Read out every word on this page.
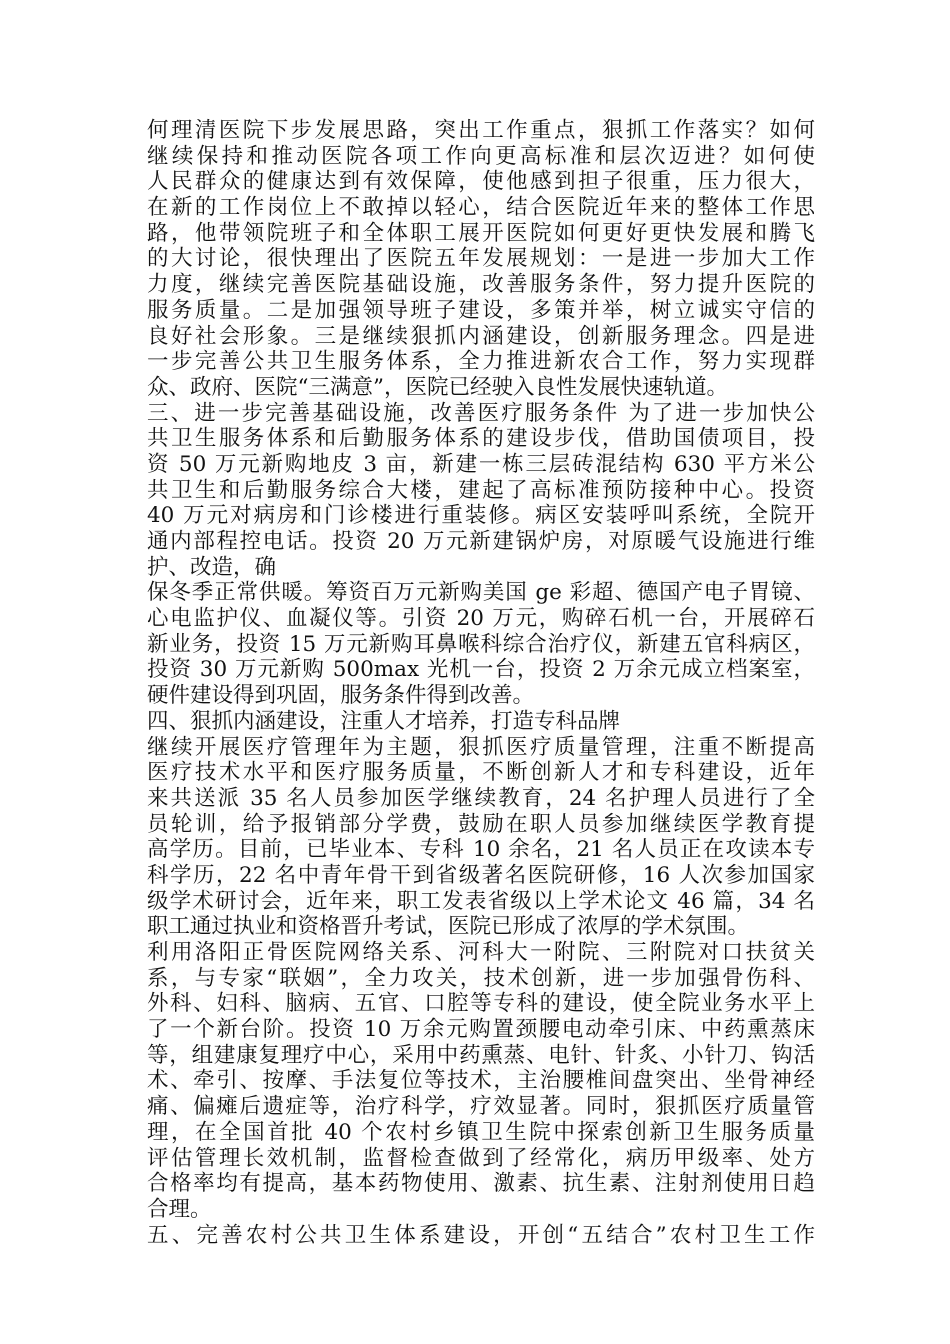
何理清医院下步发展思路，突出工作重点，狠抓工作落实？如何
继续保持和推动医院各项工作向更高标准和层次迈进？如何使
人民群众的健康达到有效保障，使他感到担子很重，压力很大，
在新的工作岗位上不敢掉以轻心，结合医院近年来的整体工作思
路，他带领院班子和全体职工展开医院如何更好更快发展和腾飞
的大讨论，很快理出了医院五年发展规划：一是进一步加大工作
力度，继续完善医院基础设施，改善服务条件，努力提升医院的
服务质量。二是加强领导班子建设，多策并举，树立诚实守信的
良好社会形象。三是继续狠抓内涵建设，创新服务理念。四是进
一步完善公共卫生服务体系，全力推进新农合工作，努力实现群
众、政府、医院“三满意”，医院已经驶入良性发展快速轨道。
三、进一步完善基础设施，改善医疗服务条件 为了进一步加快公
共卫生服务体系和后勤服务体系的建设步伐，借助国债项目，投
资 50 万元新购地皮 3 亩，新建一栋三层砖混结构 630 平方米公
共卫生和后勤服务综合大楼，建起了高标准预防接种中心。投资
40 万元对病房和门诊楼进行重装修。病区安装呼叫系统，全院开
通内部程控电话。投资 20 万元新建锅炉房，对原暖气设施进行维
护、改造，确
保冬季正常供暖。筹资百万元新购美国 ge 彩超、德国产电子胃镜、
心电监护仪、血凝仪等。引资 20 万元，购碎石机一台，开展碎石
新业务，投资 15 万元新购耳鼻喉科综合治疗仪，新建五官科病区，
投资 30 万元新购 500max 光机一台，投资 2 万余元成立档案室，
硬件建设得到巩固，服务条件得到改善。
四、狠抓内涵建设，注重人才培养，打造专科品牌
继续开展医疗管理年为主题，狠抓医疗质量管理，注重不断提高
医疗技术水平和医疗服务质量，不断创新人才和专科建设，近年
来共送派 35 名人员参加医学继续教育，24 名护理人员进行了全
员轮训，给予报销部分学费，鼓励在职人员参加继续医学教育提
高学历。目前，已毕业本、专科 10 余名，21 名人员正在攻读本专
科学历，22 名中青年骨干到省级著名医院研修，16 人次参加国家
级学术研讨会，近年来，职工发表省级以上学术论文 46 篇，34 名
职工通过执业和资格晋升考试，医院已形成了浓厚的学术氛围。
利用洛阳正骨医院网络关系、河科大一附院、三附院对口扶贫关
系，与专家“联姻”，全力攻关，技术创新，进一步加强骨伤科、
外科、妇科、脑病、五官、口腔等专科的建设，使全院业务水平上
了一个新台阶。投资 10 万余元购置颈腰电动牵引床、中药熏蒸床
等，组建康复理疗中心，采用中药熏蒸、电针、针炙、小针刀、钩活
术、牵引、按摩、手法复位等技术，主治腰椎间盘突出、坐骨神经
痛、偏瘫后遗症等，治疗科学，疗效显著。同时，狠抓医疗质量管
理，在全国首批 40 个农村乡镇卫生院中探索创新卫生服务质量
评估管理长效机制，监督检查做到了经常化，病历甲级率、处方
合格率均有提高，基本药物使用、激素、抗生素、注射剂使用日趋
合理。
五、完善农村公共卫生体系建设，开创“五结合”农村卫生工作
